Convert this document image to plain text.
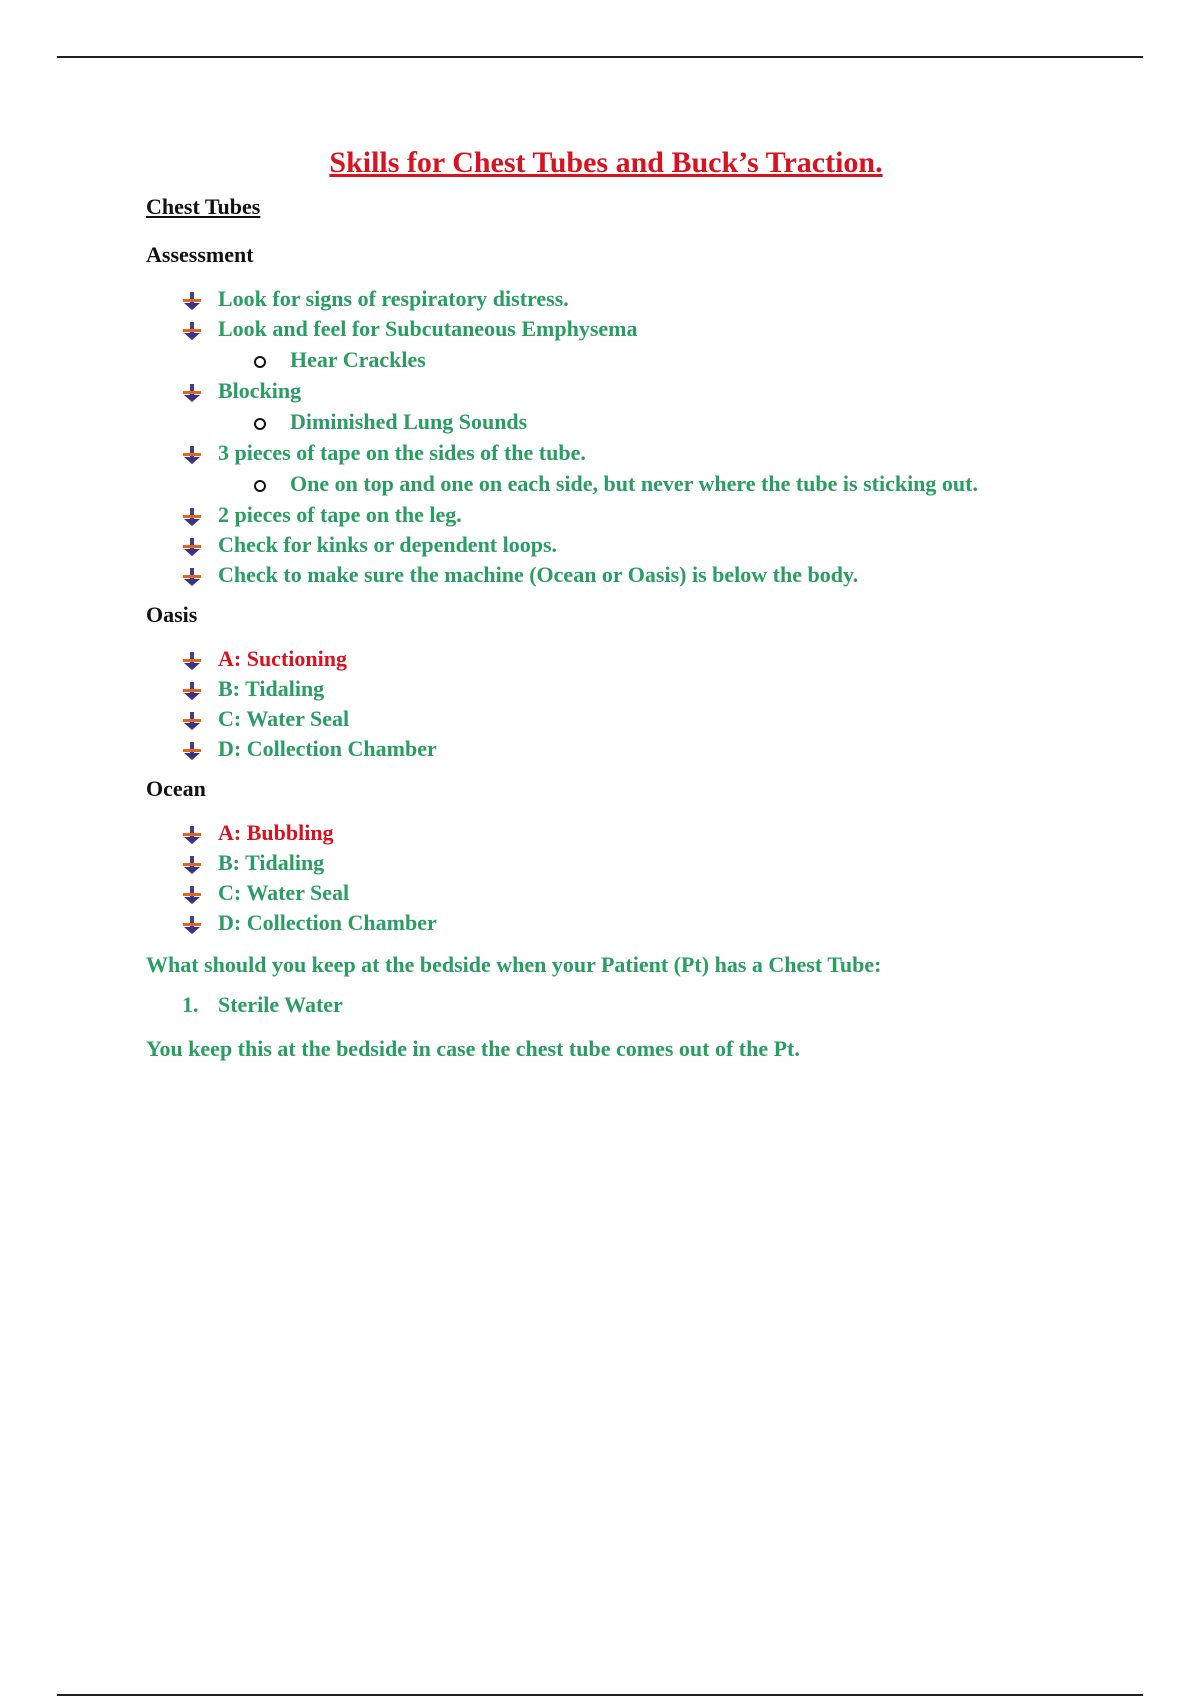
Skills for Chest Tubes and Buck’s Traction.
Chest Tubes
Assessment
Look for signs of respiratory distress.
Look and feel for Subcutaneous Emphysema
Hear Crackles
Blocking
Diminished Lung Sounds
3 pieces of tape on the sides of the tube.
One on top and one on each side, but never where the tube is sticking out.
2 pieces of tape on the leg.
Check for kinks or dependent loops.
Check to make sure the machine (Ocean or Oasis) is below the body.
Oasis
A: Suctioning
B: Tidaling
C: Water Seal
D: Collection Chamber
Ocean
A: Bubbling
B: Tidaling
C: Water Seal
D: Collection Chamber

What should you keep at the bedside when your Patient (Pt) has a Chest Tube:

1. Sterile Water

You keep this at the bedside in case the chest tube comes out of the Pt.
